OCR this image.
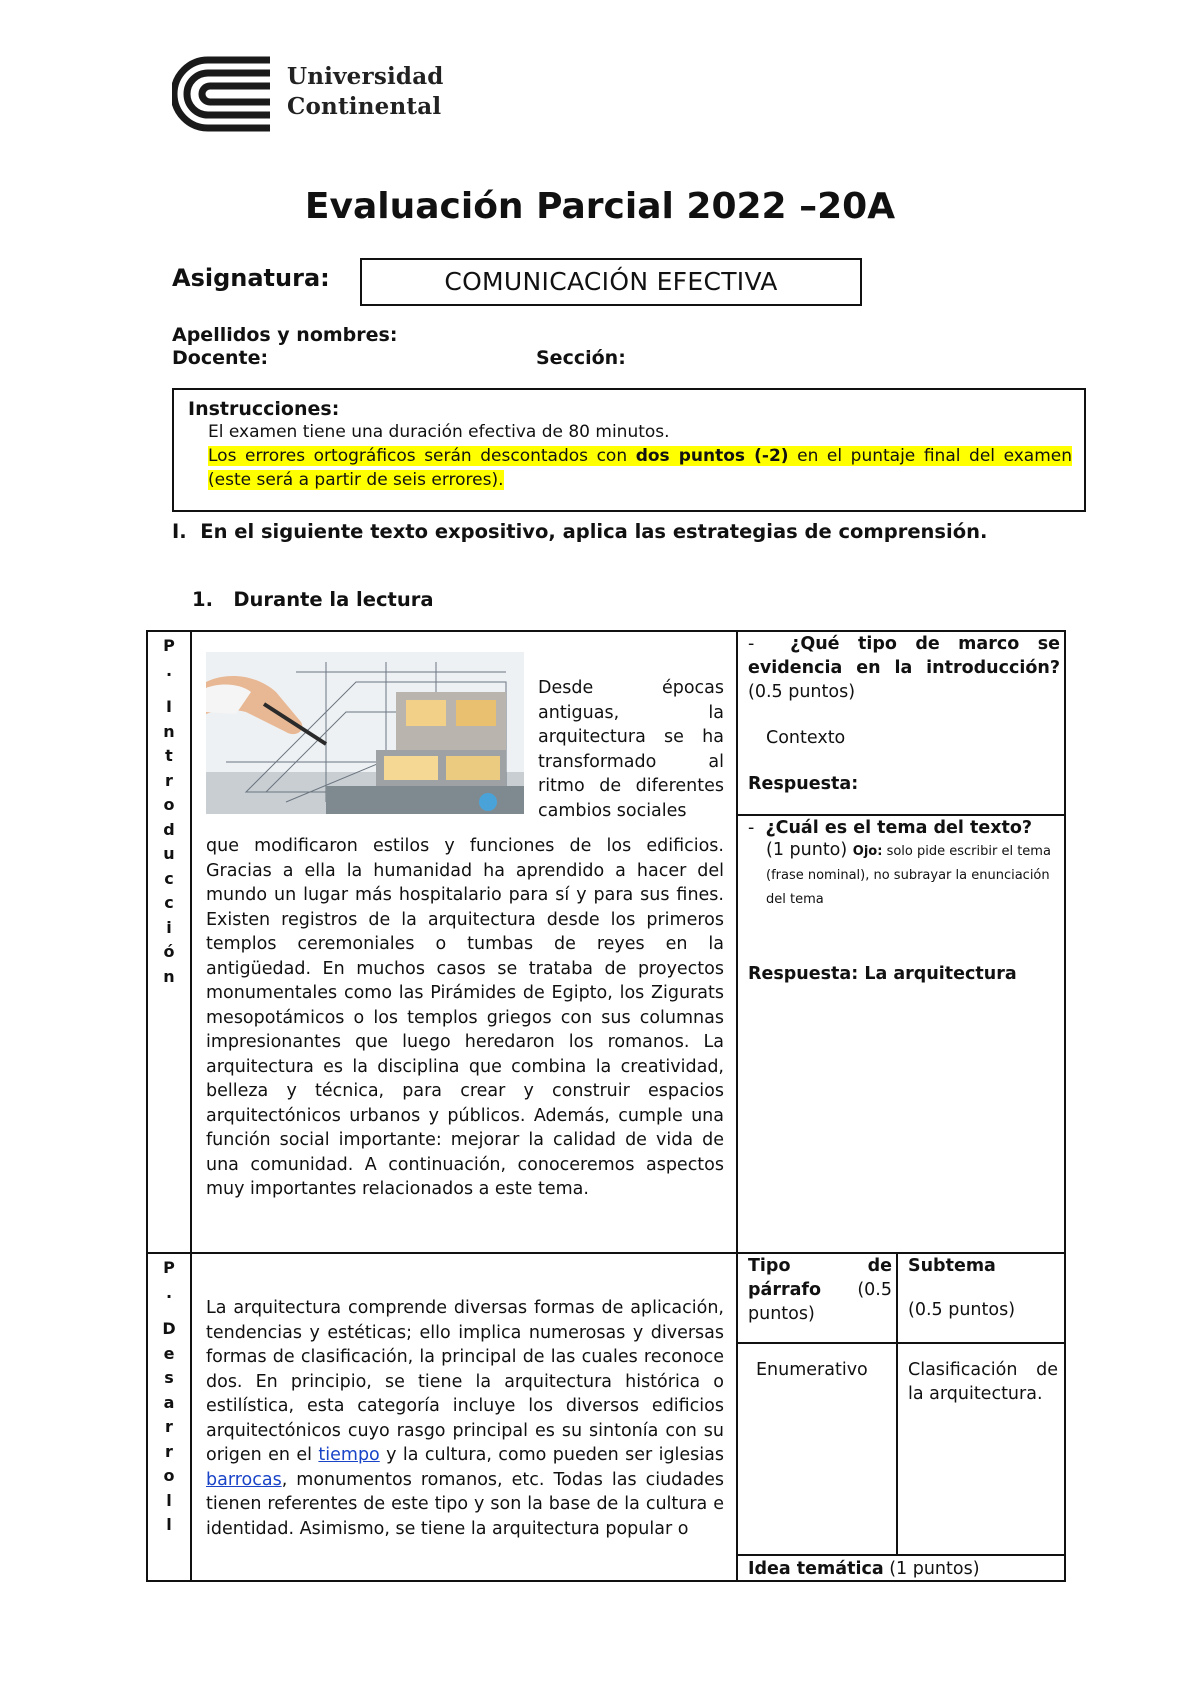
Universidad
Continental
Evaluación Parcial 2022 –20A
Asignatura:	COMUNICACIÓN EFECTIVA
Apellidos y nombres:
Docente:	Sección:
Instrucciones:
El examen tiene una duración efectiva de 80 minutos.
Los errores ortográficos serán descontados con dos puntos (-2) en el puntaje final del examen (este será a partir de seis errores).
I. En el siguiente texto expositivo, aplica las estrategias de comprensión.
1. Durante la lectura
P
.
I
n
t
r
o
d
u
c
c
i
ó
n
Desde épocas antiguas, la arquitectura se ha transformado al ritmo de diferentes cambios sociales
que modificaron estilos y funciones de los edificios. Gracias a ella la humanidad ha aprendido a hacer del mundo un lugar más hospitalario para sí y para sus fines. Existen registros de la arquitectura desde los primeros templos ceremoniales o tumbas de reyes en la antigüedad. En muchos casos se trataba de proyectos monumentales como las Pirámides de Egipto, los Zigurats mesopotámicos o los templos griegos con sus columnas impresionantes que luego heredaron los romanos. La arquitectura es la disciplina que combina la creatividad, belleza y técnica, para crear y construir espacios arquitectónicos urbanos y públicos. Además, cumple una función social importante: mejorar la calidad de vida de una comunidad. A continuación, conoceremos aspectos muy importantes relacionados a este tema.
- ¿Qué tipo de marco se evidencia en la introducción? (0.5 puntos)
Contexto
Respuesta:
- ¿Cuál es el tema del texto?
(1 punto) Ojo: solo pide escribir el tema (frase nominal), no subrayar la enunciación del tema
Respuesta: La arquitectura
P
.
D
e
s
a
r
r
o
l
l
La arquitectura comprende diversas formas de aplicación, tendencias y estéticas; ello implica numerosas y diversas formas de clasificación, la principal de las cuales reconoce dos. En principio, se tiene la arquitectura histórica o estilística, esta categoría incluye los diversos edificios arquitectónicos cuyo rasgo principal es su sintonía con su origen en el tiempo y la cultura, como pueden ser iglesias barrocas, monumentos romanos, etc. Todas las ciudades tienen referentes de este tipo y son la base de la cultura e identidad. Asimismo, se tiene la arquitectura popular o
Tipo de párrafo (0.5 puntos)
Subtema
(0.5 puntos)
Enumerativo Clasificación de la arquitectura.
Idea temática (1 puntos)
